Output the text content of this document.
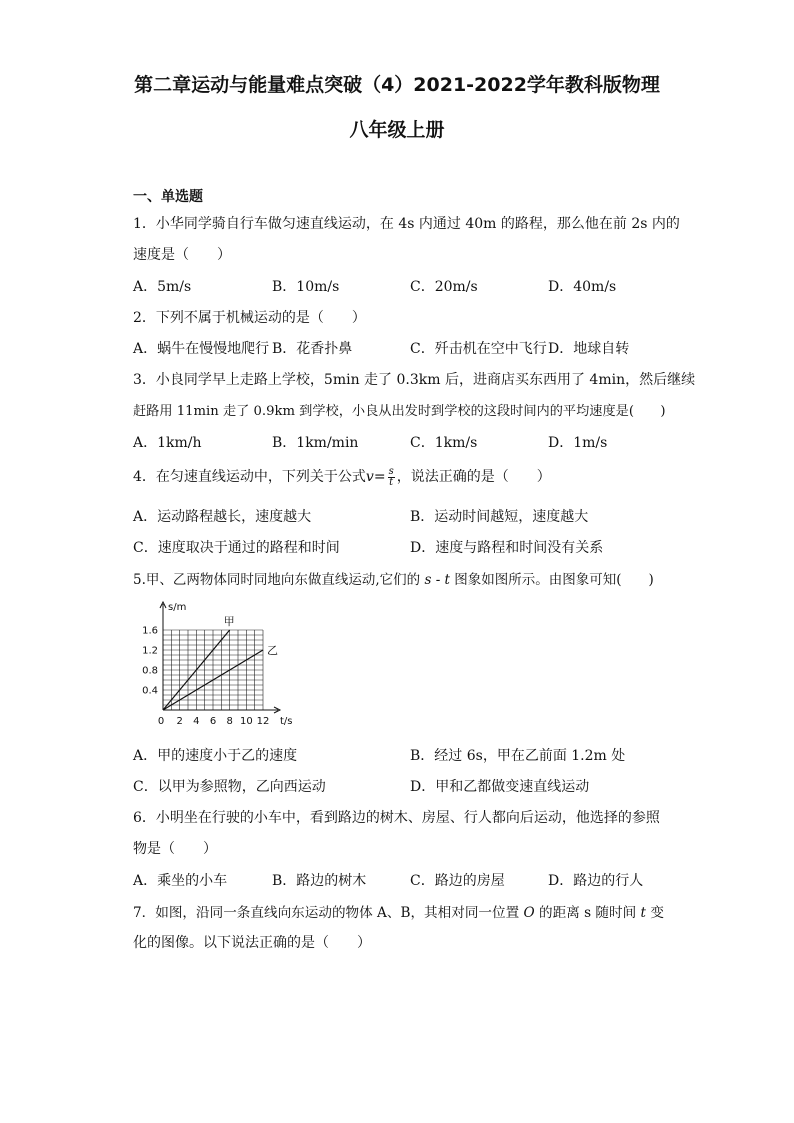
第二章运动与能量难点突破（4）2021-2022学年教科版物理
八年级上册
一、单选题
1．小华同学骑自行车做匀速直线运动，在 4s 内通过 40m 的路程，那么他在前 2s 内的
速度是（　　）
A．5m/s	B．10m/s	C．20m/s	D．40m/s
2．下列不属于机械运动的是（　　）
A．蜗牛在慢慢地爬行 B．花香扑鼻	C．歼击机在空中飞行 D．地球自转
3．小良同学早上走路上学校，5min 走了 0.3km 后，进商店买东西用了 4min，然后继续
赶路用 11min 走了 0.9km 到学校，小良从出发时到学校的这段时间内的平均速度是(　　)
A．1km/h	B．1km/min	C．1km/s	D．1m/s
4．在匀速直线运动中，下列关于公式$v= \frac{s}{t}$ ，说法正确的是（　　）
A．运动路程越长，速度越大	B．运动时间越短，速度越大
C．速度取决于通过的路程和时间	D．速度与路程和时间没有关系
5.甲、乙两物体同时同地向东做直线运动,它们的 s - t 图象如图所示。由图象可知(　　)
甲
乙
2 4 6 8 10 12
0.4
0.8
1.2
1.6
0
s/m
t/s
A．甲的速度小于乙的速度	B．经过 6s，甲在乙前面 1.2m 处
C．以甲为参照物，乙向西运动	D．甲和乙都做变速直线运动
6．小明坐在行驶的小车中，看到路边的树木、房屋、行人都向后运动，他选择的参照
物是（　　）
A．乘坐的小车	B．路边的树木	C．路边的房屋	D．路边的行人
7．如图，沿同一条直线向东运动的物体 A、B，其相对同一位置 O 的距离 s 随时间 t 变
化的图像。以下说法正确的是（　　）
